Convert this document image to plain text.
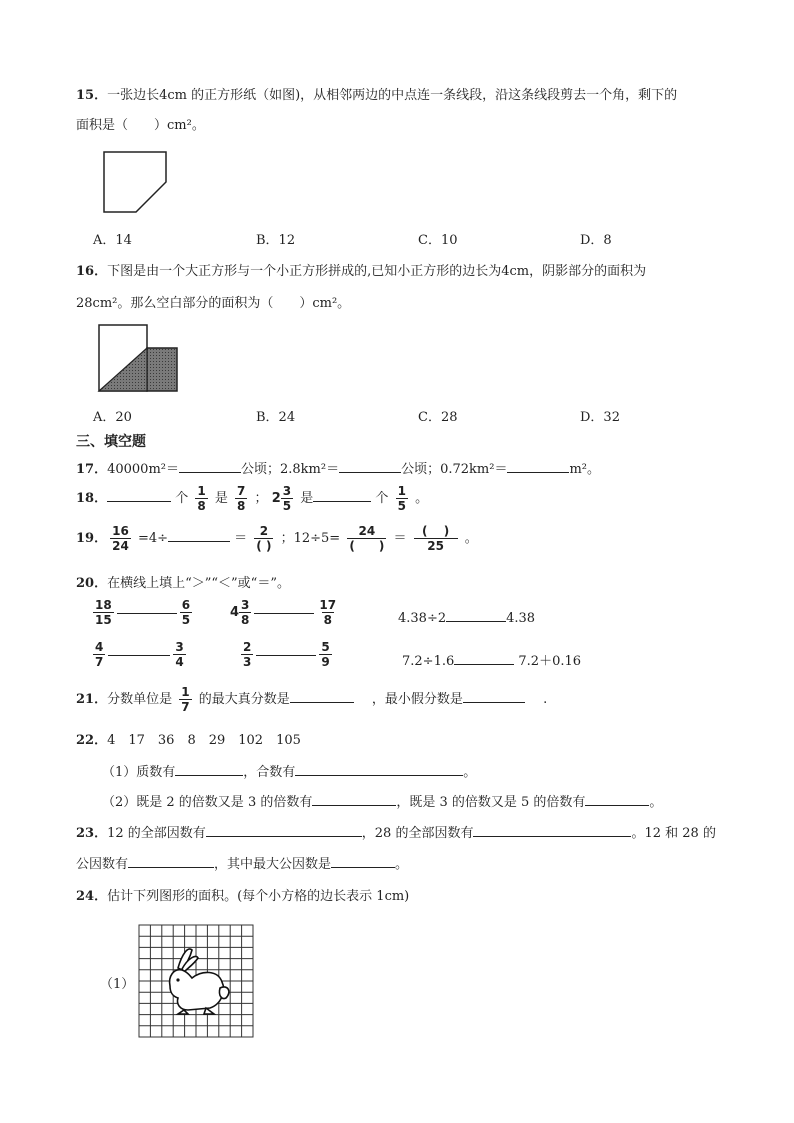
15．一张边长4cm 的正方形纸（如图)，从相邻两边的中点连一条线段，沿这条线段剪去一个角，剩下的
面积是（　　）cm²。
A．14	B．12	C．10	D．8
16．下图是由一个大正方形与一个小正方形拼成的,已知小正方形的边长为4cm，阴影部分的面积为
28cm²。那么空白部分的面积为（　　）cm²。
A．20	B．24	C．28	D．32
三、填空题
17．40000m²＝	公顷；2.8km²＝	公顷；0.72km²＝	m²。
18．	个 $\frac{1}{8}$ 是 $\frac{7}{8}$ ； $2 \frac{3}{5}$ 是	个 $\frac{1}{5}$ 。
19． $\frac{16}{24} =4\div$	＝ $\frac{2}{( )}$ ；$12\div 5= \frac{24}{( )} = \frac{( )}{25}$ 。
20．在横线上填上“＞”“＜”或“＝”。
$\frac{18}{15}$	$\frac{6}{5}$	$4 \frac{3}{8}$	$\frac{17}{8}$	4.38÷2	4.38
$\frac{4}{7}$	$\frac{3}{4}$	$\frac{2}{3}$	$\frac{5}{9}$	7.2÷1.6	7.2＋0.16
21．分数单位是 $\frac{1}{7}$ 的最大真分数是	，最小假分数是	.
22．4　17　36　8　29　102　105
（1）质数有	，合数有	。
（2）既是 2 的倍数又是 3 的倍数有	，既是 3 的倍数又是 5 的倍数有	。
23．12 的全部因数有	，28 的全部因数有	。12 和 28 的
公因数有	，其中最大公因数是	。
24．估计下列图形的面积。(每个小方格的边长表示 1cm)
（1）
